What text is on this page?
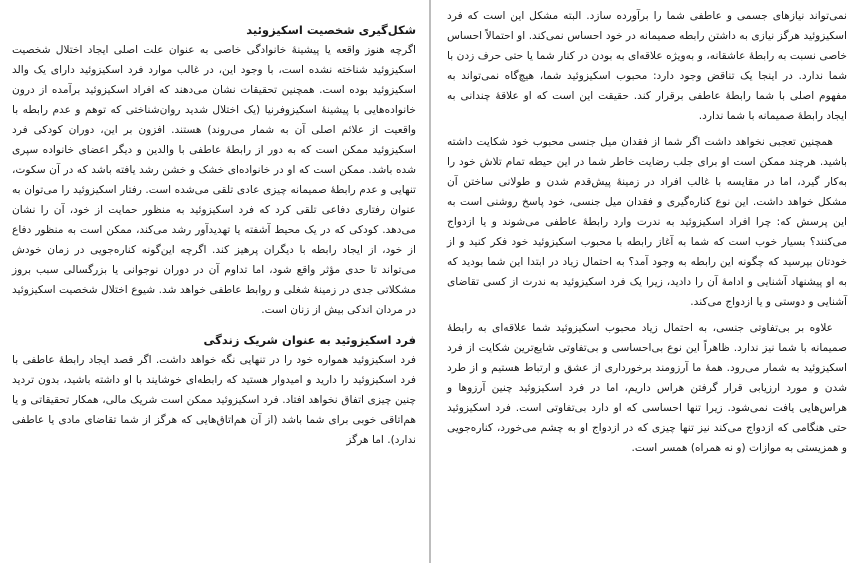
شکل‌گیری شخصیت اسکیزوئید

اگرچه هنوز واقعه یا پیشینهٔ خانوادگی خاصی به عنوان علت اصلی ایجاد اختلال شخصیت اسکیزوئید شناخته نشده است، با وجود این، در غالب موارد فرد اسکیزوئید دارای یک والد اسکیزوئید بوده است. همچنین تحقیقات نشان می‌دهند که افراد اسکیزوئید برآمده از درون خانواده‌هایی با پیشینهٔ اسکیزوفرنیا (یک اختلال شدید روان‌شناختی که توهم و عدم رابطه با واقعیت از علائم اصلی آن به شمار می‌روند) هستند. افزون بر این، دوران کودکی فرد اسکیزوئید ممکن است که به دور از رابطهٔ عاطفی با والدین و دیگر اعضای خانواده سپری شده باشد. ممکن است که او در خانواده‌ای خشک و خشن رشد یافته باشد که در آن سکوت، تنهایی و عدم رابطهٔ صمیمانه چیزی عادی تلقی می‌شده است. رفتار اسکیزوئید را می‌توان به عنوان رفتاری دفاعی تلقی کرد که فرد اسکیزوئید به منظور حمایت از خود، آن را نشان می‌دهد. کودکی که در یک محیط آشفته یا تهدیدآور رشد می‌کند، ممکن است به منظور دفاع از خود، از ایجاد رابطه با دیگران پرهیز کند. اگرچه این‌گونه کناره‌جویی در زمان خودش می‌تواند تا حدی مؤثر واقع شود، اما تداوم آن در دوران نوجوانی یا بزرگسالی سبب بروز مشکلاتی جدی در زمینهٔ شغلی و روابط عاطفی خواهد شد. شیوع اختلال شخصیت اسکیزوئید در مردان اندکی بیش از زنان است.

فرد اسکیزوئید به عنوان شریک زندگی

فرد اسکیزوئید همواره خود را در تنهایی نگه خواهد داشت. اگر قصد ایجاد رابطهٔ عاطفی با فرد اسکیزوئید را دارید و امیدوار هستید که رابطه‌ای خوشایند با او داشته باشید، بدون تردید چنین چیزی اتفاق نخواهد افتاد. فرد اسکیزوئید ممکن است شریک مالی، همکار تحقیقاتی و یا هم‌اتاقی خوبی برای شما باشد (از آن هم‌اتاق‌هایی که هرگز از شما تقاضای مادی یا عاطفی ندارد). اما هرگز

نمی‌تواند نیازهای جسمی و عاطفی شما را برآورده سازد. البته مشکل این است که فرد اسکیزوئید هرگز نیازی به داشتن رابطه صمیمانه در خود احساس نمی‌کند. او احتمالاً احساس خاصی نسبت به رابطهٔ عاشقانه، و به‌ویژه علاقه‌ای به بودن در کنار شما یا حتی حرف زدن با شما ندارد. در اینجا یک تناقض وجود دارد: محبوب اسکیزوئید شما، هیچ‌گاه نمی‌تواند به مفهوم اصلی با شما رابطهٔ عاطفی برقرار کند. حقیقت این است که او علاقهٔ چندانی به ایجاد رابطهٔ صمیمانه با شما ندارد.

همچنین تعجبی نخواهد داشت اگر شما از فقدان میل جنسی محبوب خود شکایت داشته باشید. هرچند ممکن است او برای جلب رضایت خاطر شما در این حیطه تمام تلاش خود را به‌کار گیرد، اما در مقایسه با غالب افراد در زمینهٔ پیش‌قدم شدن و طولانی ساختن آن مشکل خواهد داشت. این نوع کناره‌گیری و فقدان میل جنسی، خود پاسخ روشنی است به این پرسش که: چرا افراد اسکیزوئید به ندرت وارد رابطهٔ عاطفی می‌شوند و یا ازدواج می‌کنند؟ بسیار خوب است که شما به آغاز رابطه با محبوب اسکیزوئید خود فکر کنید و از خودتان بپرسید که چگونه این رابطه به وجود آمد؟ به احتمال زیاد در ابتدا این شما بودید که به او پیشنهاد آشنایی و ادامهٔ آن را دادید، زیرا یک فرد اسکیزوئید به ندرت از کسی تقاضای آشنایی و دوستی و یا ازدواج می‌کند.

علاوه بر بی‌تفاوتی جنسی، به احتمال زیاد محبوب اسکیزوئید شما علاقه‌ای به رابطهٔ صمیمانه با شما نیز ندارد. ظاهراً این نوع بی‌احساسی و بی‌تفاوتی شایع‌ترین شکایت از فرد اسکیزوئید به شمار می‌رود. همهٔ ما آرزومند برخورداری از عشق و ارتباط هستیم و از طرد شدن و مورد ارزیابی قرار گرفتن هراس داریم، اما در فرد اسکیزوئید چنین آرزوها و هراس‌هایی یافت نمی‌شود. زیرا تنها احساسی که او دارد بی‌تفاوتی است. فرد اسکیزوئید حتی هنگامی که ازدواج می‌کند نیز تنها چیزی که در ازدواج او به چشم می‌خورد، کناره‌جویی و همزیستی به موازات (و نه همراه) همسر است.
